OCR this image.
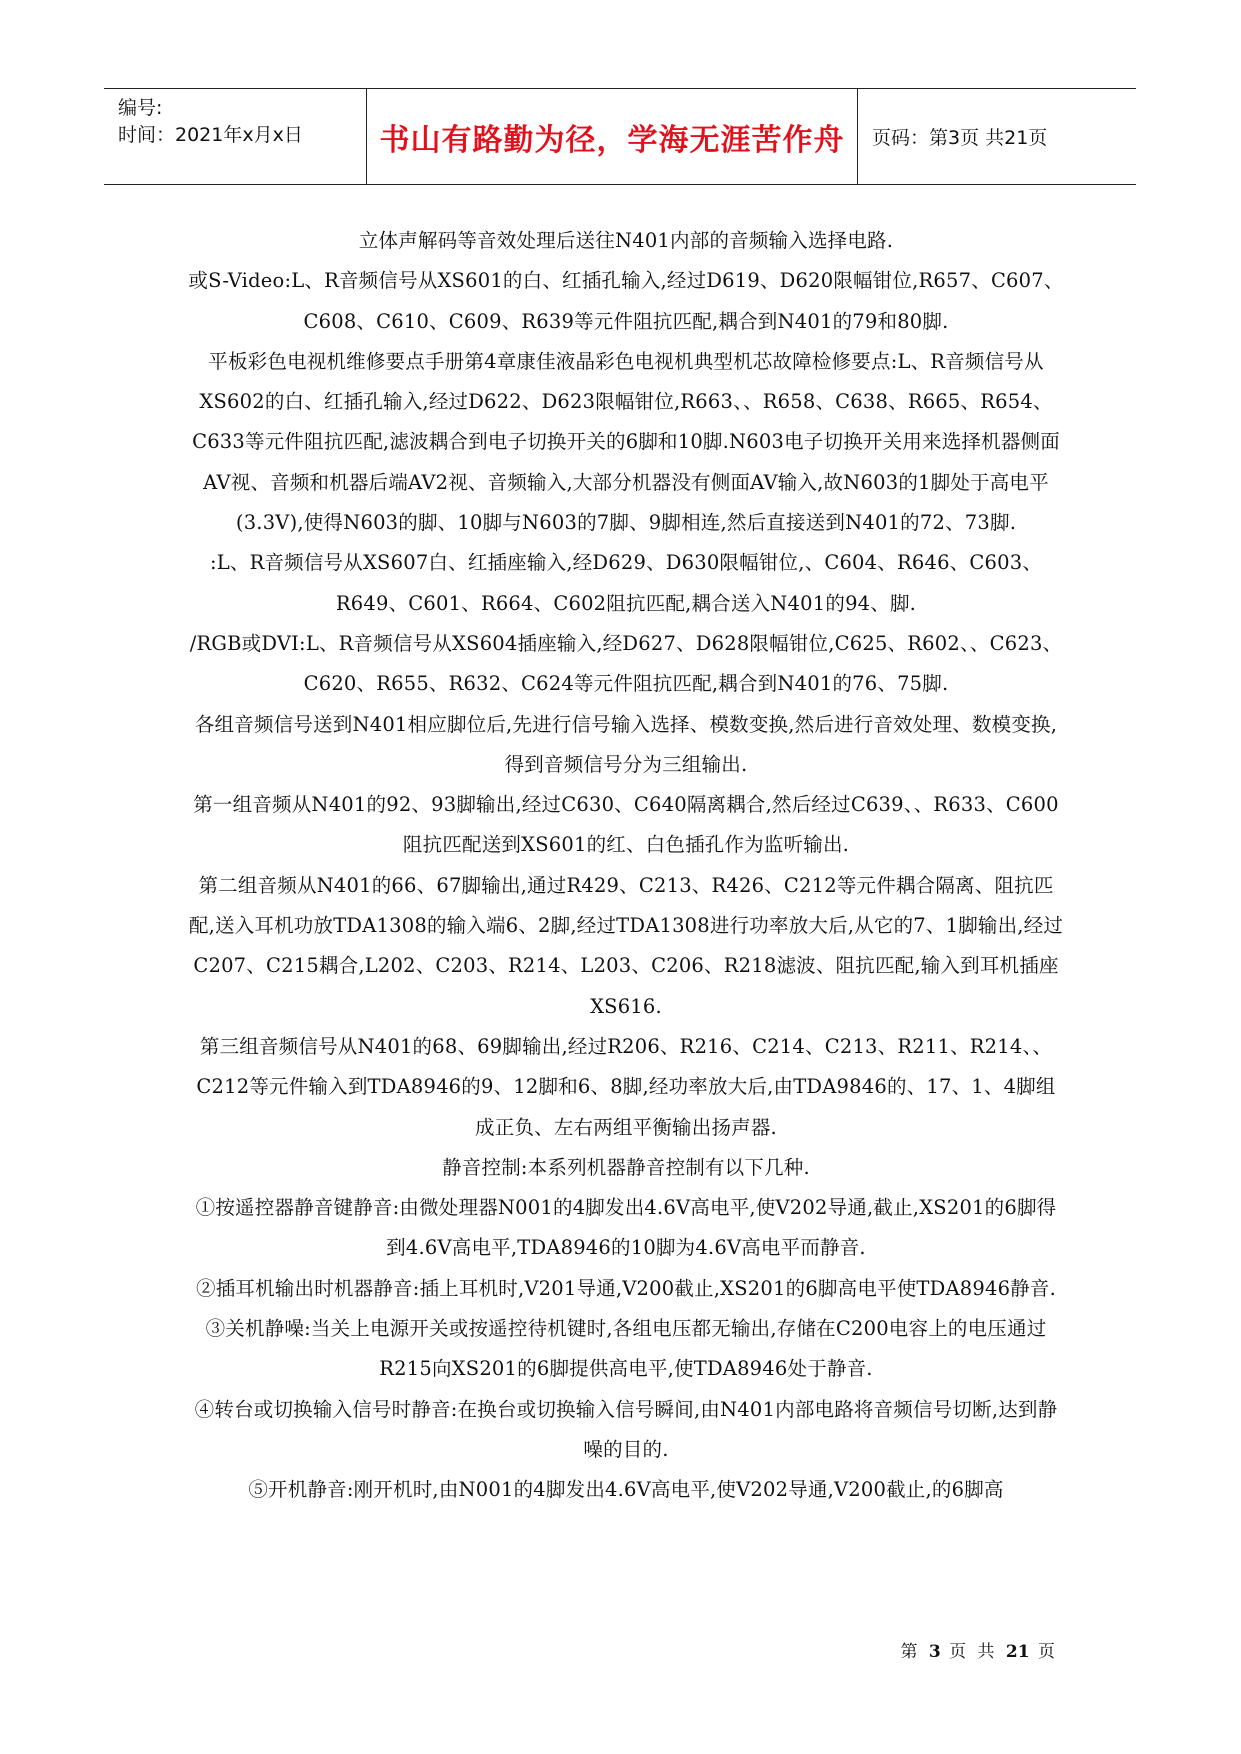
编号:
时间：2021年x月x日	书山有路勤为径，学海无涯苦作舟 页码：第3页 共21页

立体声解码等音效处理后送往N401内部的音频输入选择电路.

或S-Video:L、R音频信号从XS601的白、红插孔输入,经过D619、D620限幅钳位,R657、C607、C608、C610、C609、R639等元件阻抗匹配,耦合到N401的79和80脚.

平板彩色电视机维修要点手册第4章康佳液晶彩色电视机典型机芯故障检修要点:L、R音频信号从XS602的白、红插孔输入,经过D622、D623限幅钳位,R663、、R658、C638、R665、R654、C633等元件阻抗匹配,滤波耦合到电子切换开关的6脚和10脚.N603电子切换开关用来选择机器侧面AV视、音频和机器后端AV2视、音频输入,大部分机器没有侧面AV输入,故N603的1脚处于高电平(3.3V),使得N603的脚、10脚与N603的7脚、9脚相连,然后直接送到N401的72、73脚.

:L、R音频信号从XS607白、红插座输入,经D629、D630限幅钳位,、C604、R646、C603、R649、C601、R664、C602阻抗匹配,耦合送入N401的94、脚.

/RGB或DVI:L、R音频信号从XS604插座输入,经D627、D628限幅钳位,C625、R602、、C623、C620、R655、R632、C624等元件阻抗匹配,耦合到N401的76、75脚.

各组音频信号送到N401相应脚位后,先进行信号输入选择、模数变换,然后进行音效处理、数模变换,得到音频信号分为三组输出.

第一组音频从N401的92、93脚输出,经过C630、C640隔离耦合,然后经过C639、、R633、C600阻抗匹配送到XS601的红、白色插孔作为监听输出.

第二组音频从N401的66、67脚输出,通过R429、C213、R426、C212等元件耦合隔离、阻抗匹配,送入耳机功放TDA1308的输入端6、2脚,经过TDA1308进行功率放大后,从它的7、1脚输出,经过C207、C215耦合,L202、C203、R214、L203、C206、R218滤波、阻抗匹配,输入到耳机插座XS616.

第三组音频信号从N401的68、69脚输出,经过R206、R216、C214、C213、R211、R214、、C212等元件输入到TDA8946的9、12脚和6、8脚,经功率放大后,由TDA9846的、17、1、4脚组成正负、左右两组平衡输出扬声器.

静音控制:本系列机器静音控制有以下几种.

①按遥控器静音键静音:由微处理器N001的4脚发出4.6V高电平,使V202导通,截止,XS201的6脚得到4.6V高电平,TDA8946的10脚为4.6V高电平而静音.

②插耳机输出时机器静音:插上耳机时,V201导通,V200截止,XS201的6脚高电平使TDA8946静音.

③关机静噪:当关上电源开关或按遥控待机键时,各组电压都无输出,存储在C200电容上的电压通过R215向XS201的6脚提供高电平,使TDA8946处于静音.

④转台或切换输入信号时静音:在换台或切换输入信号瞬间,由N401内部电路将音频信号切断,达到静噪的目的.

⑤开机静音:刚开机时,由N001的4脚发出4.6V高电平,使V202导通,V200截止,的6脚高

第 3 页 共 21 页
